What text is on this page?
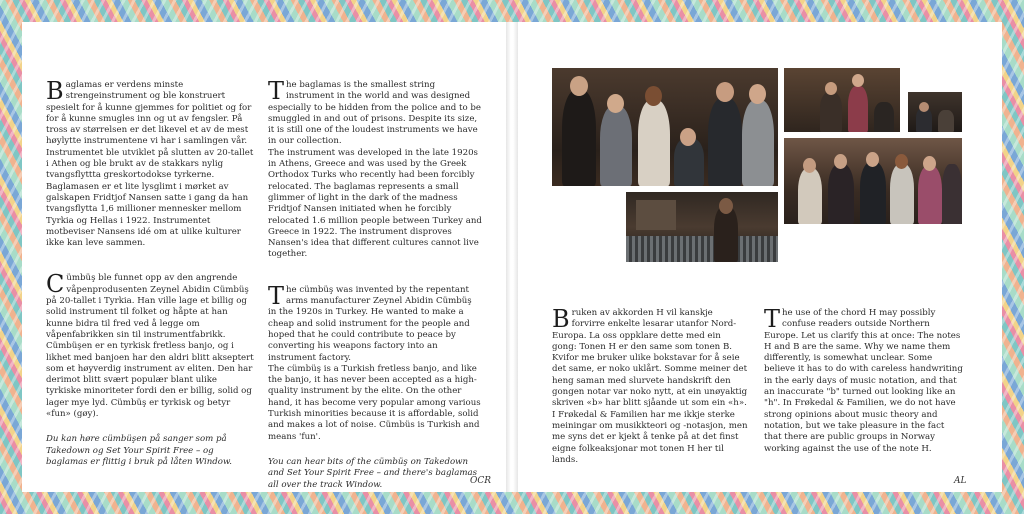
Baglamas er verdens minste strengeinstrument og ble konstruert spesielt for å kunne gjemmes for politiet og for for å kunne smugles inn og ut av fengsler. På tross av størrelsen er det likevel et av de mest høylytte instrumentene vi har i samlingen vår.
Instrumentet ble utviklet på slutten av 20-tallet i Athen og ble brukt av de stakkars nylig tvangsflyttta greskortodokse tyrkerne. Baglamasen er et lite lysglimt i mørket av galskapen Fridtjof Nansen satte i gang da han tvangsflytta 1,6 millioner mennesker mellom Tyrkia og Hellas i 1922. Instrumentet motbeviser Nansens idé om at ulike kulturer ikke kan leve sammen.

Cümbüş ble funnet opp av den angrende våpenprodusenten Zeynel Abidin Cümbüş på 20-tallet i Tyrkia. Han ville lage et billig og solid instrument til folket og håpte at han kunne bidra til fred ved å legge om våpenfabrikken sin til instrumentfabrikk.
Cümbüşen er en tyrkisk fretless banjo, og i likhet med banjoen har den aldri blitt akseptert som et høyverdig instrument av eliten. Den har derimot blitt svært populær blant ulike tyrkiske minoriteter fordi den er billig, solid og lager mye lyd. Cümbüş er tyrkisk og betyr «fun» (gøy).

Du kan høre cümbüşen på sanger som på Takedown og Set Your Spirit Free – og baglamas er flittig i bruk på låten Window.

The baglamas is the smallest string instrument in the world and was designed especially to be hidden from the police and to be smuggled in and out of prisons. Despite its size, it is still one of the loudest instruments we have in our collection.
The instrument was developed in the late 1920s in Athens, Greece and was used by the Greek Orthodox Turks who recently had been forcibly relocated. The baglamas represents a small glimmer of light in the dark of the madness Fridtjof Nansen initiated when he forcibly relocated 1.6 million people between Turkey and Greece in 1922. The instrument disproves Nansen's idea that different cultures cannot live together.

The cümbüş was invented by the repentant arms manufacturer Zeynel Abidin Cümbüş in the 1920s in Turkey. He wanted to make a cheap and solid instrument for the people and hoped that he could contribute to peace by converting his weapons factory into an instrument factory.
The cümbüş is a Turkish fretless banjo, and like the banjo, it has never been accepted as a high-quality instrument by the elite. On the other hand, it has become very popular among various Turkish minorities because it is affordable, solid and makes a lot of noise. Cümbüs is Turkish and means 'fun'.

You can hear bits of the cümbüş on Takedown and Set Your Spirit Free – and there's baglamas all over the track Window.	OCR

Bruken av akkorden H vil kanskje forvirre enkelte lesarar utanfor Nord-Europa. La oss oppklare dette med ein gong: Tonen H er den same som tonen B. Kvifor me bruker ulike bokstavar for å seie det same, er noko uklårt. Somme meiner det heng saman med slurvete handskrift den gongen notar var noko nytt, at ein unøyaktig skriven «b» har blitt sjåande ut som ein «h». I Frøkedal & Familien har me ikkje sterke meiningar om musikkteori og -notasjon, men me syns det er kjekt å tenke på at det finst eigne folkeaksjonar mot tonen H her til lands.

The use of the chord H may possibly confuse readers outside Northern Europe. Let us clarify this at once: The notes H and B are the same. Why we name them differently, is somewhat unclear. Some believe it has to do with careless handwriting in the early days of music notation, and that an inaccurate "b" turned out looking like an "h". In Frøkedal & Familien, we do not have strong opinions about music theory and notation, but we take pleasure in the fact that there are public groups in Norway working against the use of the note H.

AL
